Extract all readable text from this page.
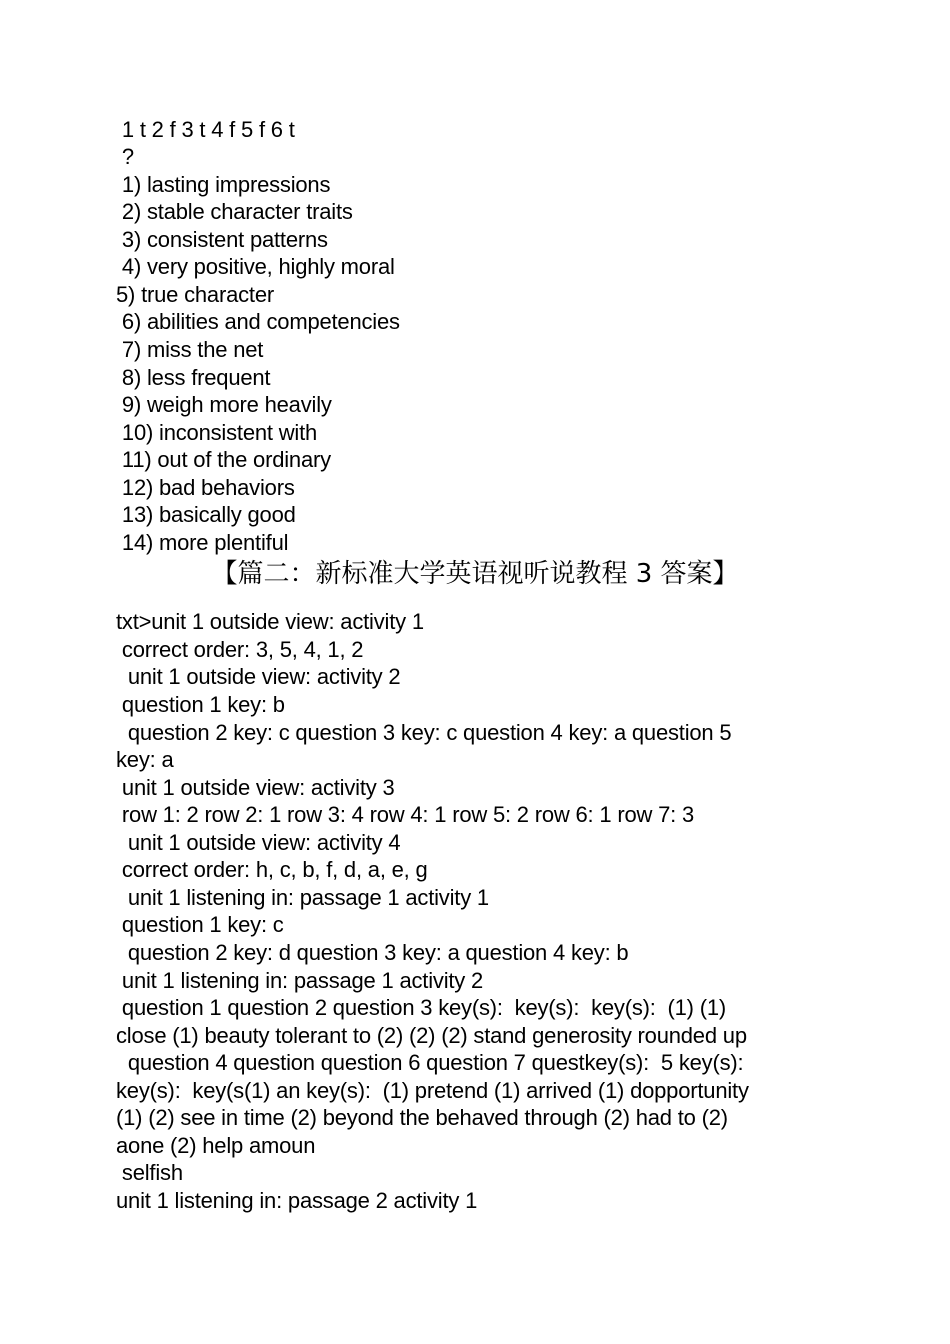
1 t 2 f 3 t 4 f 5 f 6 t
?
1) lasting impressions
2) stable character traits
3) consistent patterns
4) very positive, highly moral
5) true character
6) abilities and competencies
7) miss the net
8) less frequent
9) weigh more heavily
10) inconsistent with
11) out of the ordinary
12) bad behaviors
13) basically good
14) more plentiful
【篇二：新标准大学英语视听说教程 3 答案】
txt>unit 1 outside view: activity 1
correct order: 3, 5, 4, 1, 2
unit 1 outside view: activity 2
question 1 key: b
question 2 key: c question 3 key: c question 4 key: a question 5
key: a
unit 1 outside view: activity 3
row 1: 2 row 2: 1 row 3: 4 row 4: 1 row 5: 2 row 6: 1 row 7: 3
unit 1 outside view: activity 4
correct order: h, c, b, f, d, a, e, g
unit 1 listening in: passage 1 activity 1
question 1 key: c
question 2 key: d question 3 key: a question 4 key: b
unit 1 listening in: passage 1 activity 2
question 1 question 2 question 3 key(s):  key(s):  key(s):  (1) (1)
close (1) beauty tolerant to (2) (2) (2) stand generosity rounded up
question 4 question question 6 question 7 questkey(s):  5 key(s):
key(s):  key(s(1) an key(s):  (1) pretend (1) arrived (1) dopportunity
(1) (2) see in time (2) beyond the behaved through (2) had to (2)
aone (2) help amoun
selfish
unit 1 listening in: passage 2 activity 1
